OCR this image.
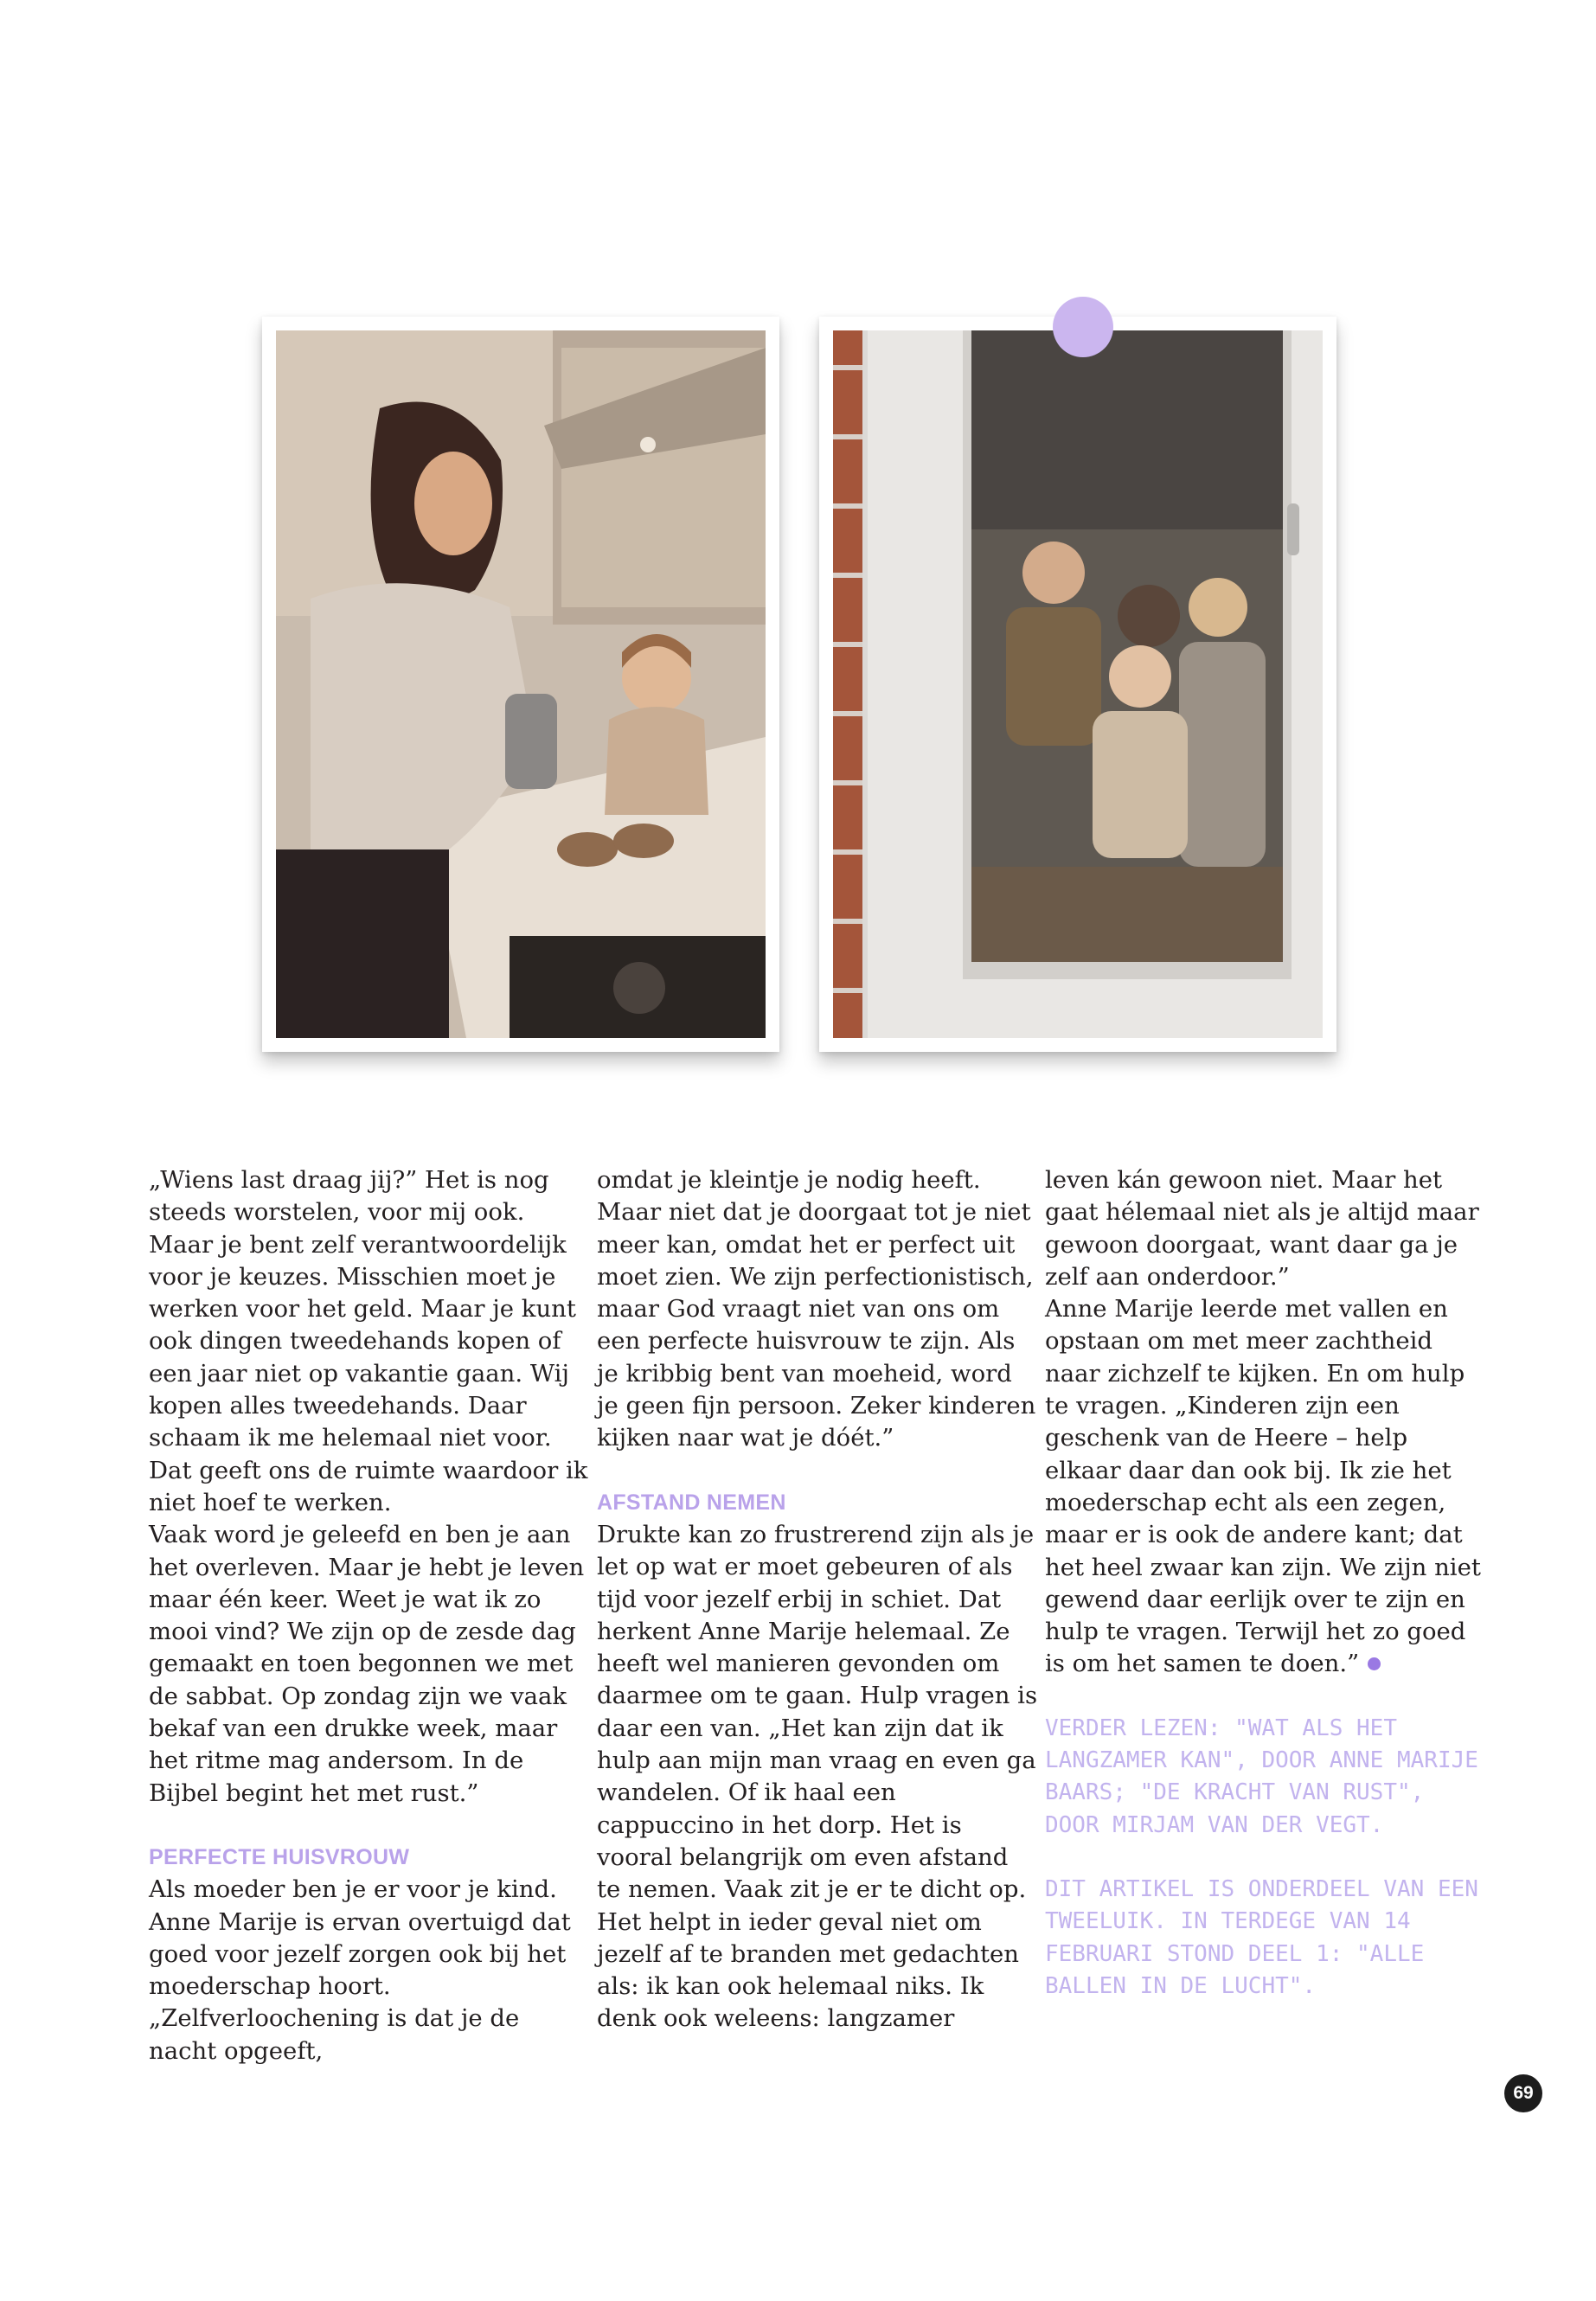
„Wiens last draag jij?” Het is nog steeds worstelen, voor mij ook. Maar je bent zelf verantwoordelijk voor je keuzes. Misschien moet je werken voor het geld. Maar je kunt ook dingen tweedehands kopen of een jaar niet op vakantie gaan. Wij kopen alles tweedehands. Daar schaam ik me helemaal niet voor. Dat geeft ons de ruimte waardoor ik niet hoef te werken.

Vaak word je geleefd en ben je aan het overleven. Maar je hebt je leven maar één keer. Weet je wat ik zo mooi vind? We zijn op de zesde dag gemaakt en toen begonnen we met de sabbat. Op zondag zijn we vaak bekaf van een drukke week, maar het ritme mag andersom. In de Bijbel begint het met rust.”

PERFECTE HUISVROUW

Als moeder ben je er voor je kind. Anne Marije is ervan overtuigd dat goed voor jezelf zorgen ook bij het moederschap hoort. „Zelfverloochening is dat je de nacht opgeeft,

omdat je kleintje je nodig heeft. Maar niet dat je doorgaat tot je niet meer kan, omdat het er perfect uit moet zien. We zijn perfectionistisch, maar God vraagt niet van ons om een perfecte huisvrouw te zijn. Als je kribbig bent van moeheid, word je geen fijn persoon. Zeker kinderen kijken naar wat je dóét.”

AFSTAND NEMEN

Drukte kan zo frustrerend zijn als je let op wat er moet gebeuren of als tijd voor jezelf erbij in schiet. Dat herkent Anne Marije helemaal. Ze heeft wel manieren gevonden om daarmee om te gaan. Hulp vragen is daar een van. „Het kan zijn dat ik hulp aan mijn man vraag en even ga wandelen. Of ik haal een cappuccino in het dorp. Het is vooral belangrijk om even afstand te nemen. Vaak zit je er te dicht op. Het helpt in ieder geval niet om jezelf af te branden met gedachten als: ik kan ook helemaal niks. Ik denk ook weleens: langzamer

leven kán gewoon niet. Maar het gaat hélemaal niet als je altijd maar gewoon doorgaat, want daar ga je zelf aan onderdoor.”

Anne Marije leerde met vallen en opstaan om met meer zachtheid naar zichzelf te kijken. En om hulp te vragen. „Kinderen zijn een geschenk van de Heere – help elkaar daar dan ook bij. Ik zie het moederschap echt als een zegen, maar er is ook de andere kant; dat het heel zwaar kan zijn. We zijn niet gewend daar eerlijk over te zijn en hulp te vragen. Terwijl het zo goed is om het samen te doen.”

VERDER LEZEN: "WAT ALS HET LANGZAMER KAN", DOOR ANNE MARIJE BAARS; "DE KRACHT VAN RUST", DOOR MIRJAM VAN DER VEGT.
DIT ARTIKEL IS ONDERDEEL VAN EEN TWEELUIK. IN TERDEGE VAN 14 FEBRUARI STOND DEEL 1: "ALLE BALLEN IN DE LUCHT".
69
